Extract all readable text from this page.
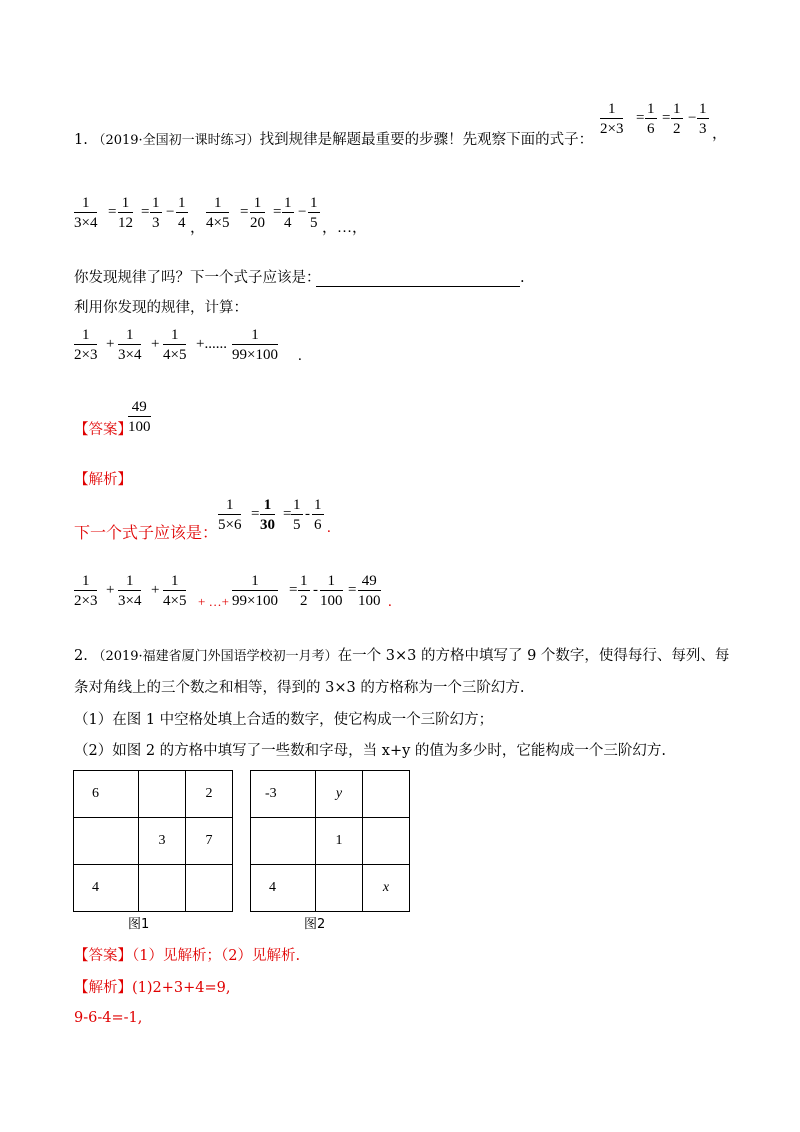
1. （2019·全国初一课时练习）找到规律是解题最重要的步骤！先观察下面的式子：
$\frac{1}{2\times 3} = \frac{1}{6} = \frac{1}{2} - \frac{1}{3}$ ，
$\frac{1}{3\times 4} = \frac{1}{12} = \frac{1}{3} - \frac{1}{4}$ ， $\frac{1}{4\times 5} = \frac{1}{20} = \frac{1}{4} - \frac{1}{5}$ ，…，
你发现规律了吗？下一个式子应该是：	.
利用你发现的规律，计算：
$\frac{1}{2\times 3} + \frac{1}{3\times 4} + \frac{1}{4\times 5}$ +...... $\frac{1}{99\times 100}$ .
【答案】
$\frac{49}{100}$
【解析】
下一个式子应该是： $\frac{1}{5\times 6} = \frac{1}{30} = \frac{1}{5} - \frac{1}{6}$ .
$\frac{1}{2\times 3} + \frac{1}{3\times 4} + \frac{1}{4\times 5}$ + …+ $\frac{1}{99\times 100} = \frac{1}{2} - \frac{1}{100} = \frac{49}{100}$ .
2. （2019·福建省厦门外国语学校初一月考）在一个 3×3 的方格中填写了 9 个数字，使得每行、每列、每
条对角线上的三个数之和相等，得到的 3×3 的方格称为一个三阶幻方.
（1）在图 1 中空格处填上合适的数字，使它构成一个三阶幻方；
（2）如图 2 的方格中填写了一些数和字母，当 x+y 的值为多少时，它能构成一个三阶幻方.
6		2
	3	7
4		
图1
-3	y	
	1	
4		x
图2
【答案】（1）见解析；（2）见解析.
【解析】(1)2+3+4=9,
9-6-4=-1,
